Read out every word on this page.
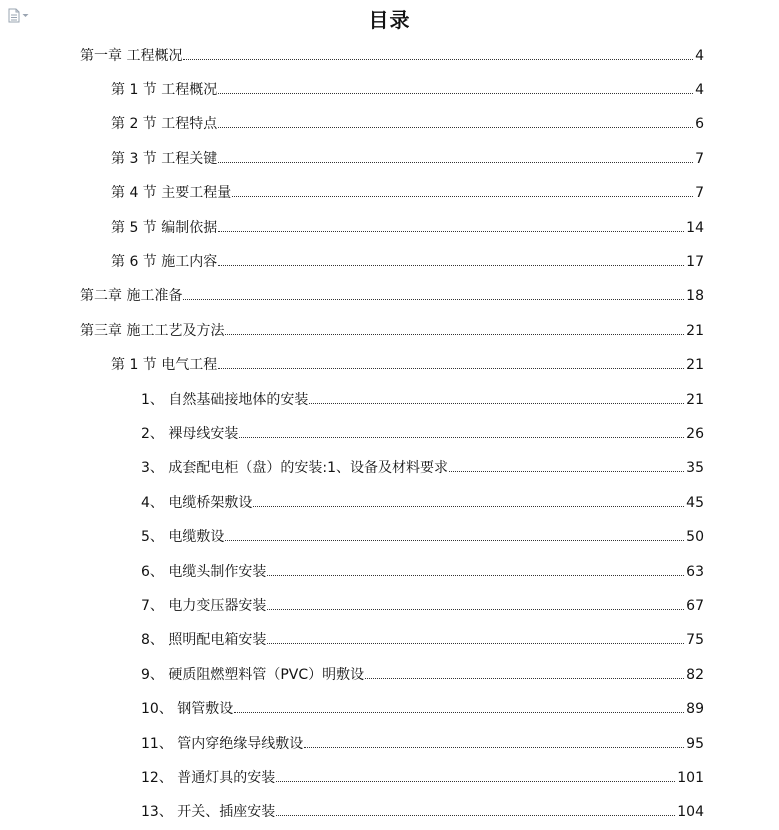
目录
第一章 工程概况	4
第 1 节 工程概况	4
第 2 节 工程特点	6
第 3 节 工程关键	7
第 4 节 主要工程量	7
第 5 节 编制依据	14
第 6 节 施工内容	17
第二章 施工准备	18
第三章 施工工艺及方法	21
第 1 节 电气工程	21
1、 自然基础接地体的安装	21
2、 裸母线安装	26
3、 成套配电柜（盘）的安装:1、设备及材料要求	35
4、 电缆桥架敷设	45
5、 电缆敷设	50
6、 电缆头制作安装	63
7、 电力变压器安装	67
8、 照明配电箱安装	75
9、 硬质阻燃塑料管（PVC）明敷设	82
10、 钢管敷设	89
11、 管内穿绝缘导线敷设	95
12、 普通灯具的安装	101
13、 开关、插座安装	104
